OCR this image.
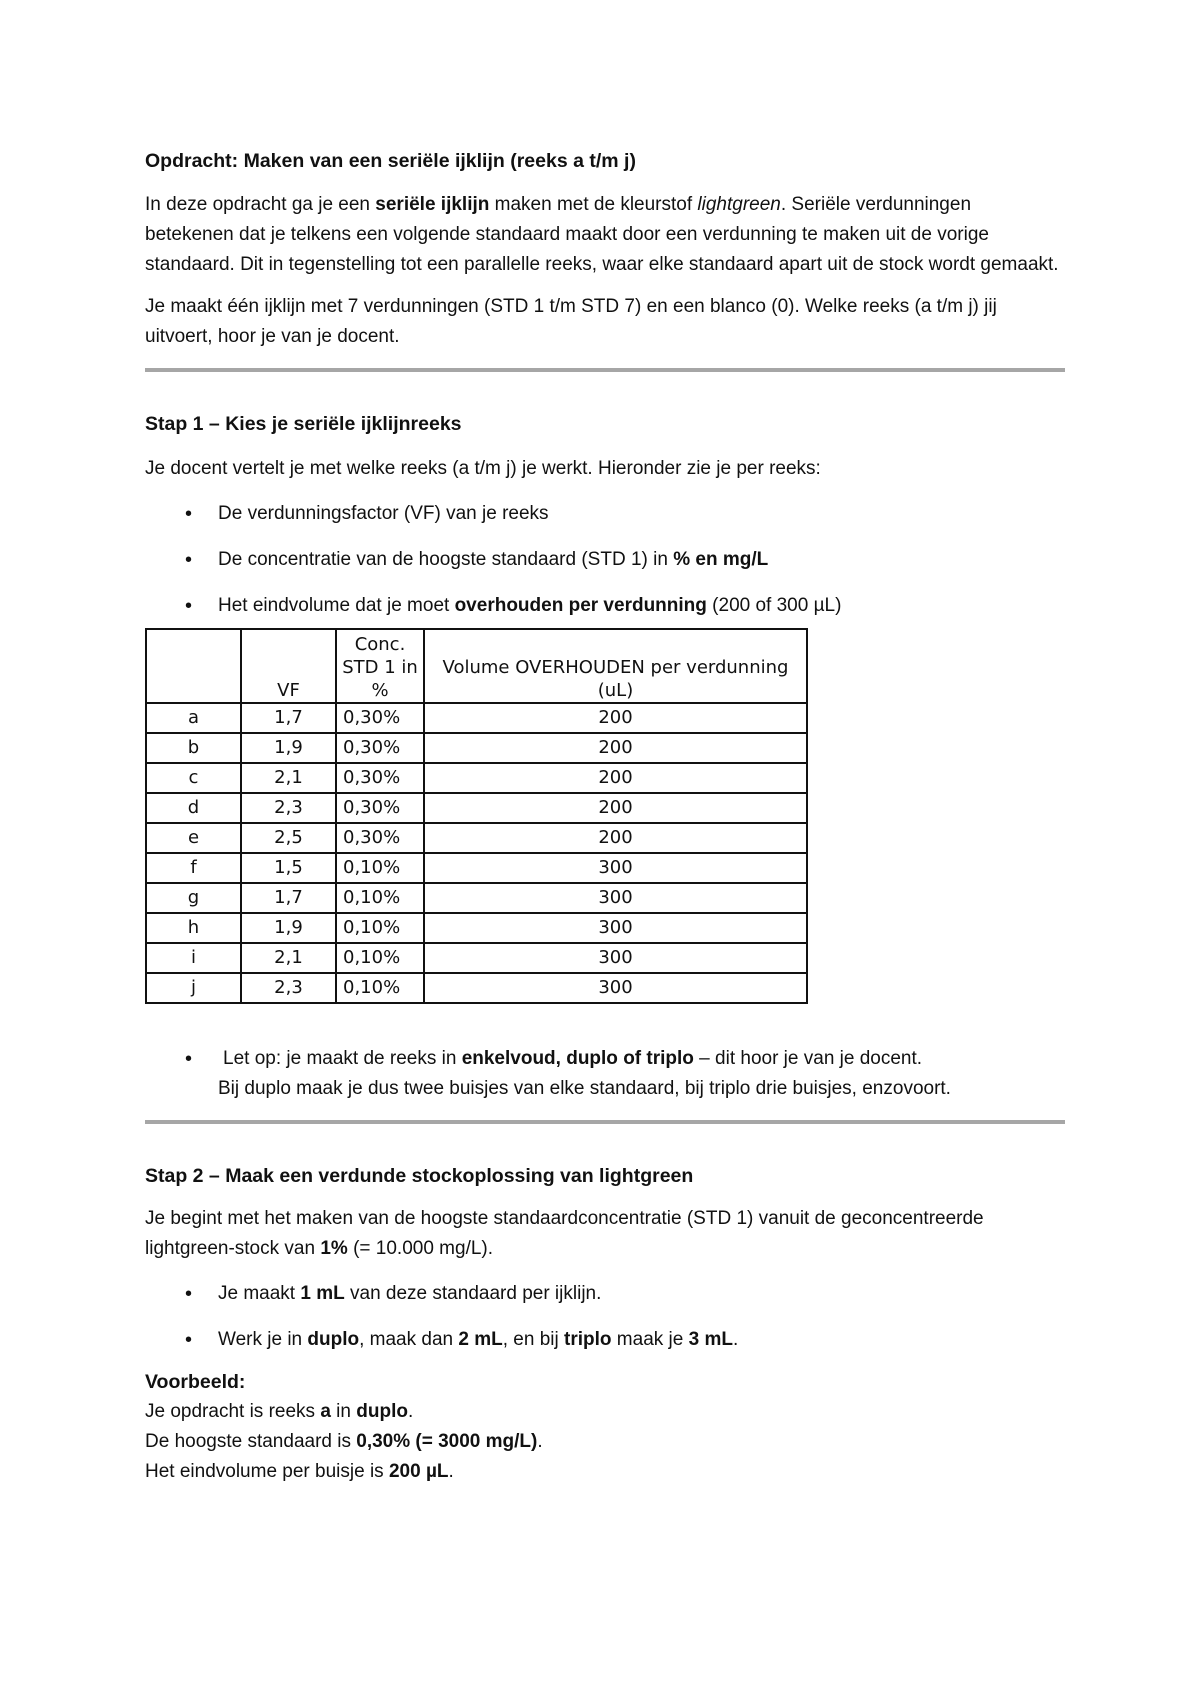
Opdracht: Maken van een seriële ijklijn (reeks a t/m j)

In deze opdracht ga je een seriële ijklijn maken met de kleurstof lightgreen. Seriële verdunningen betekenen dat je telkens een volgende standaard maakt door een verdunning te maken uit de vorige standaard. Dit in tegenstelling tot een parallelle reeks, waar elke standaard apart uit de stock wordt gemaakt.

Je maakt één ijklijn met 7 verdunningen (STD 1 t/m STD 7) en een blanco (0). Welke reeks (a t/m j) jij uitvoert, hoor je van je docent.

Stap 1 – Kies je seriële ijklijnreeks

Je docent vertelt je met welke reeks (a t/m j) je werkt. Hieronder zie je per reeks:

• De verdunningsfactor (VF) van je reeks
• De concentratie van de hoogste standaard (STD 1) in % en mg/L
• Het eindvolume dat je moet overhouden per verdunning (200 of 300 µL)
	VF	Conc. STD 1 in %	Volume OVERHOUDEN per verdunning (uL)
a	1,7	0,30%	200
b	1,9	0,30%	200
c	2,1	0,30%	200
d	2,3	0,30%	200
e	2,5	0,30%	200
f	1,5	0,10%	300
g	1,7	0,10%	300
h	1,9	0,10%	300
i	2,1	0,10%	300
j	2,3	0,10%	300
• Let op: je maakt de reeks in enkelvoud, duplo of triplo – dit hoor je van je docent.

Bij duplo maak je dus twee buisjes van elke standaard, bij triplo drie buisjes, enzovoort.

Stap 2 – Maak een verdunde stockoplossing van lightgreen

Je begint met het maken van de hoogste standaardconcentratie (STD 1) vanuit de geconcentreerde lightgreen-stock van 1% (= 10.000 mg/L).

• Je maakt 1 mL van deze standaard per ijklijn.
• Werk je in duplo, maak dan 2 mL, en bij triplo maak je 3 mL.

Voorbeeld:

Je opdracht is reeks a in duplo.

De hoogste standaard is 0,30% (= 3000 mg/L).

Het eindvolume per buisje is 200 µL.
